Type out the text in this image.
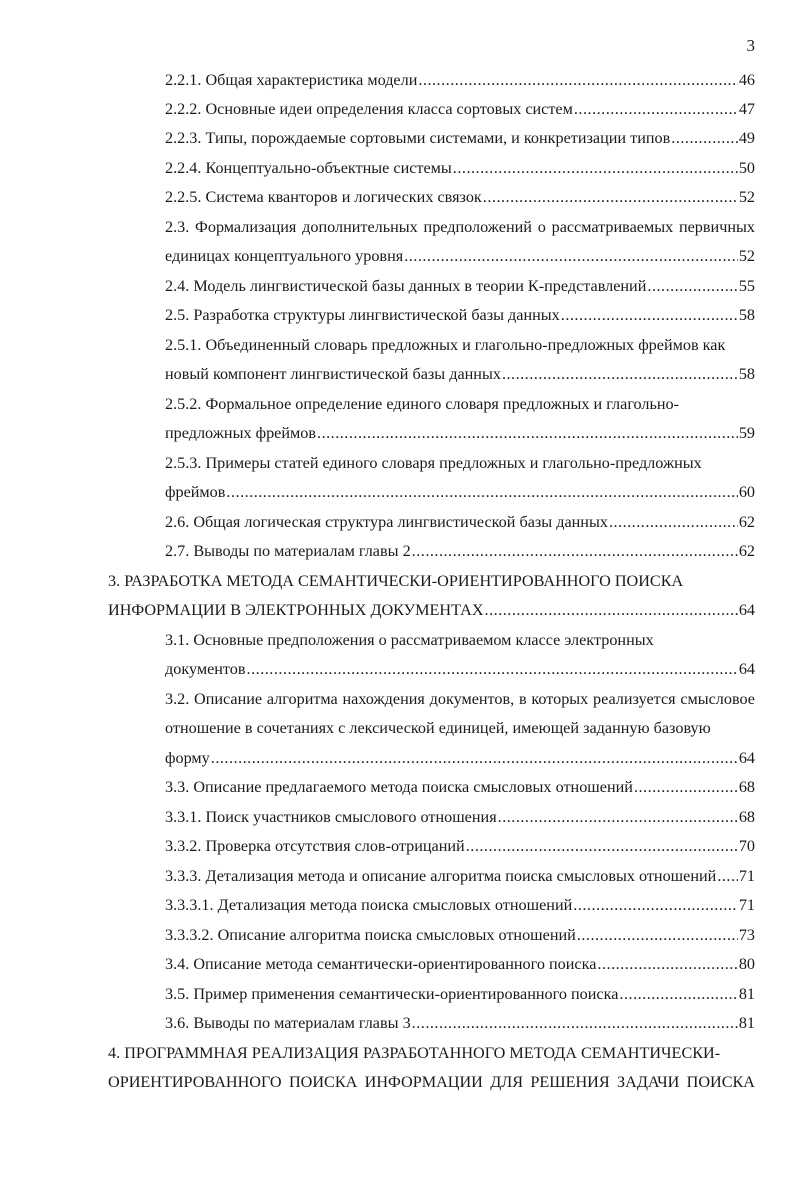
3
2.2.1. Общая характеристика модели .....	46
2.2.2. Основные идеи определения класса сортовых систем .....	47
2.2.3. Типы, порождаемые сортовыми системами, и конкретизации типов .....	49
2.2.4. Концептуально-объектные системы .....	50
2.2.5. Система кванторов и логических связок .....	52
2.3. Формализация дополнительных предположений о рассматриваемых первичных
единицах концептуального уровня .....	52
2.4. Модель лингвистической базы данных в теории К-представлений .....	55
2.5. Разработка структуры лингвистической базы данных .....	58
2.5.1. Объединенный словарь предложных и глагольно-предложных фреймов как
новый компонент лингвистической базы данных .....	58
2.5.2. Формальное определение единого словаря предложных и глагольно-
предложных фреймов .....	59
2.5.3. Примеры статей единого словаря предложных и глагольно-предложных
фреймов .....	60
2.6. Общая логическая структура лингвистической базы данных .....	62
2.7. Выводы по материалам главы 2 .....	62
3. РАЗРАБОТКА МЕТОДА СЕМАНТИЧЕСКИ-ОРИЕНТИРОВАННОГО ПОИСКА
ИНФОРМАЦИИ В ЭЛЕКТРОННЫХ ДОКУМЕНТАХ .....	64
3.1. Основные предположения о рассматриваемом классе электронных
документов .....	64
3.2. Описание алгоритма нахождения документов, в которых реализуется смысловое
отношение в сочетаниях с лексической единицей, имеющей заданную базовую
форму .....	64
3.3. Описание предлагаемого метода поиска смысловых отношений .....	68
3.3.1. Поиск участников смыслового отношения .....	68
3.3.2. Проверка отсутствия слов-отрицаний .....	70
3.3.3. Детализация метода и описание алгоритма поиска смысловых отношений ..... 71
3.3.3.1. Детализация метода поиска смысловых отношений .....	71
3.3.3.2. Описание алгоритма поиска смысловых отношений .....	73
3.4. Описание метода семантически-ориентированного поиска .....	80
3.5. Пример применения семантически-ориентированного поиска .....	81
3.6. Выводы по материалам главы 3 .....	81
4. ПРОГРАММНАЯ РЕАЛИЗАЦИЯ РАЗРАБОТАННОГО МЕТОДА СЕМАНТИЧЕСКИ-
ОРИЕНТИРОВАННОГО ПОИСКА ИНФОРМАЦИИ ДЛЯ РЕШЕНИЯ ЗАДАЧИ ПОИСКА
